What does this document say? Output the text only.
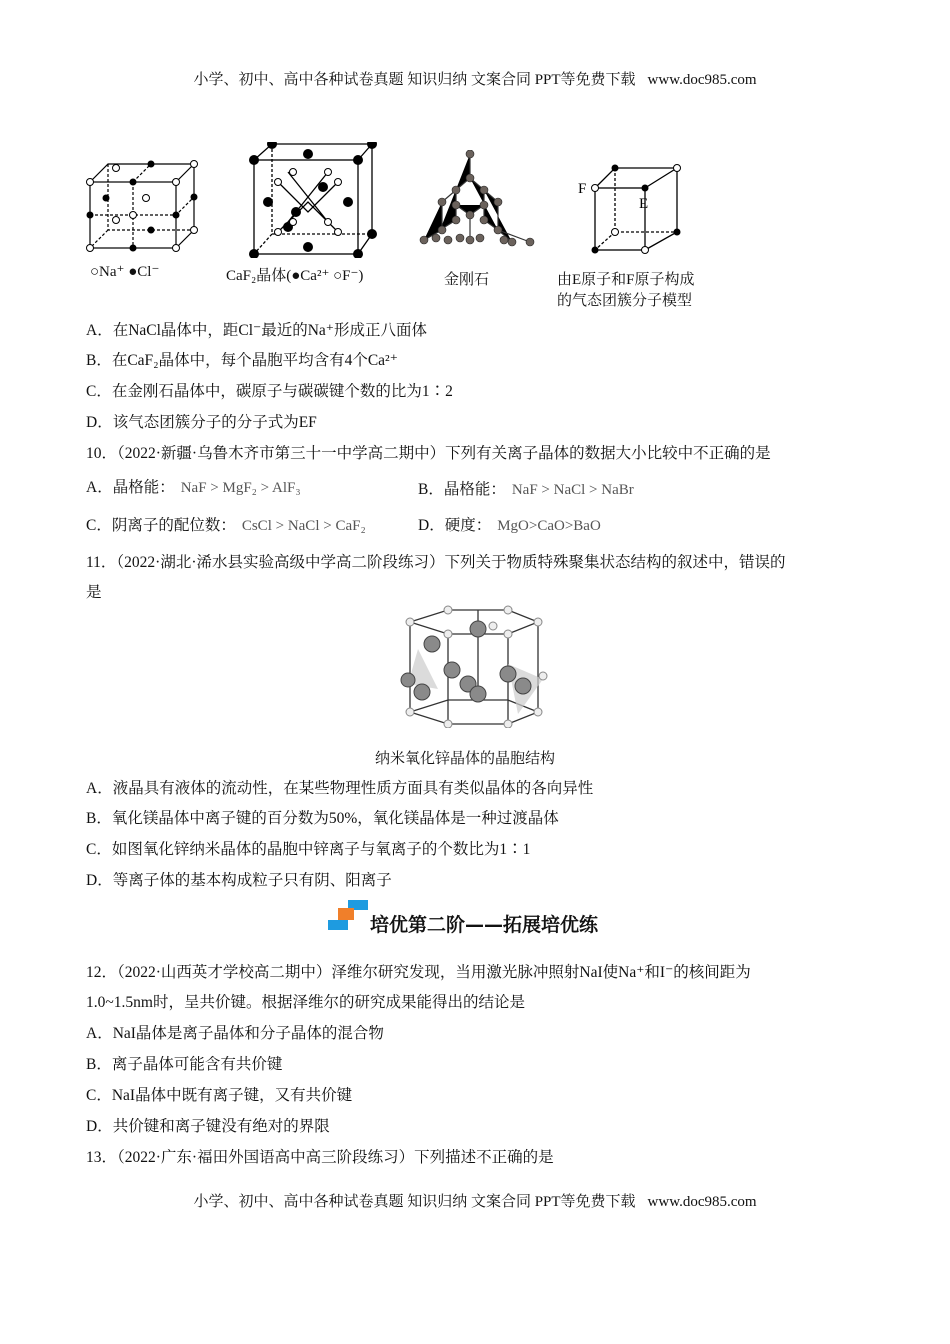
小学、初中、高中各种试卷真题 知识归纳 文案合同 PPT等免费下载 www.doc985.com
○Na⁺ ●Cl⁻	CaF₂晶体(●Ca²⁺ ○F⁻)	金刚石
F
E
由E原子和F原子构成
的气态团簇分子模型
A．在NaCl晶体中，距Cl⁻最近的Na⁺形成正八面体
B．在CaF₂晶体中，每个晶胞平均含有4个Ca²⁺
C．在金刚石晶体中，碳原子与碳碳键个数的比为1∶2
D．该气态团簇分子的分子式为EF
10．（2022·新疆·乌鲁木齐市第三十一中学高二期中）下列有关离子晶体的数据大小比较中不正确的是
A．晶格能： NaF > MgF₂ > AlF₃	B．晶格能： NaF > NaCl > NaBr
C．阴离子的配位数： CsCl > NaCl > CaF₂	D．硬度： MgO>CaO>BaO
11．（2022·湖北·浠水县实验高级中学高二阶段练习）下列关于物质特殊聚集状态结构的叙述中，错误的
是
纳米氧化锌晶体的晶胞结构
A．液晶具有液体的流动性，在某些物理性质方面具有类似晶体的各向异性
B．氧化镁晶体中离子键的百分数为50%，氧化镁晶体是一种过渡晶体
C．如图氧化锌纳米晶体的晶胞中锌离子与氧离子的个数比为1∶1
D．等离子体的基本构成粒子只有阴、阳离子
培优第二阶——拓展培优练
12．（2022·山西英才学校高二期中）泽维尔研究发现，当用激光脉冲照射NaI使Na⁺和I⁻的核间距为
1.0~1.5nm时，呈共价键。根据泽维尔的研究成果能得出的结论是
A．NaI晶体是离子晶体和分子晶体的混合物
B．离子晶体可能含有共价键
C．NaI晶体中既有离子键，又有共价键
D．共价键和离子键没有绝对的界限
13．（2022·广东·福田外国语高中高三阶段练习）下列描述不正确的是
小学、初中、高中各种试卷真题 知识归纳 文案合同 PPT等免费下载 www.doc985.com
